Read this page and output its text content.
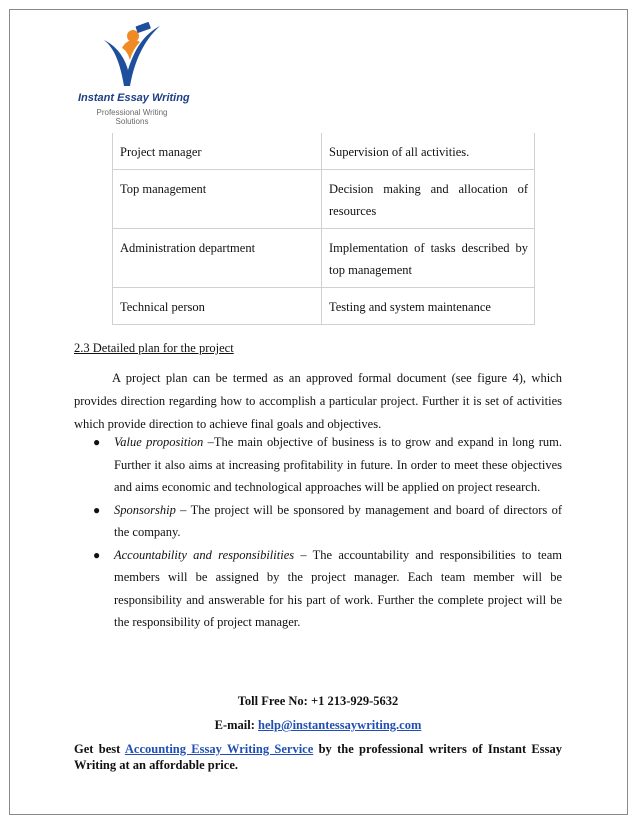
Instant Essay Writing
Professional Writing
Solutions
Project manager	Supervision of all activities.
Top management	Decision making and allocation of resources
Administration department	Implementation of tasks described by top management
Technical person	Testing and system maintenance
2.3 Detailed plan for the project

A project plan can be termed as an approved formal document (see figure 4), which provides direction regarding how to accomplish a particular project. Further it is set of activities which provide direction to achieve final goals and objectives.

● Value proposition –The main objective of business is to grow and expand in long rum. Further it also aims at increasing profitability in future. In order to meet these objectives and aims economic and technological approaches will be applied on project research.
● Sponsorship – The project will be sponsored by management and board of directors of the company.
● Accountability and responsibilities – The accountability and responsibilities to team members will be assigned by the project manager. Each team member will be responsibility and answerable for his part of work. Further the complete project will be the responsibility of project manager.
Toll Free No: +1 213-929-5632
E-mail: help@instantessaywriting.com
Get best Accounting Essay Writing Service by the professional writers of Instant Essay Writing at an affordable price.
